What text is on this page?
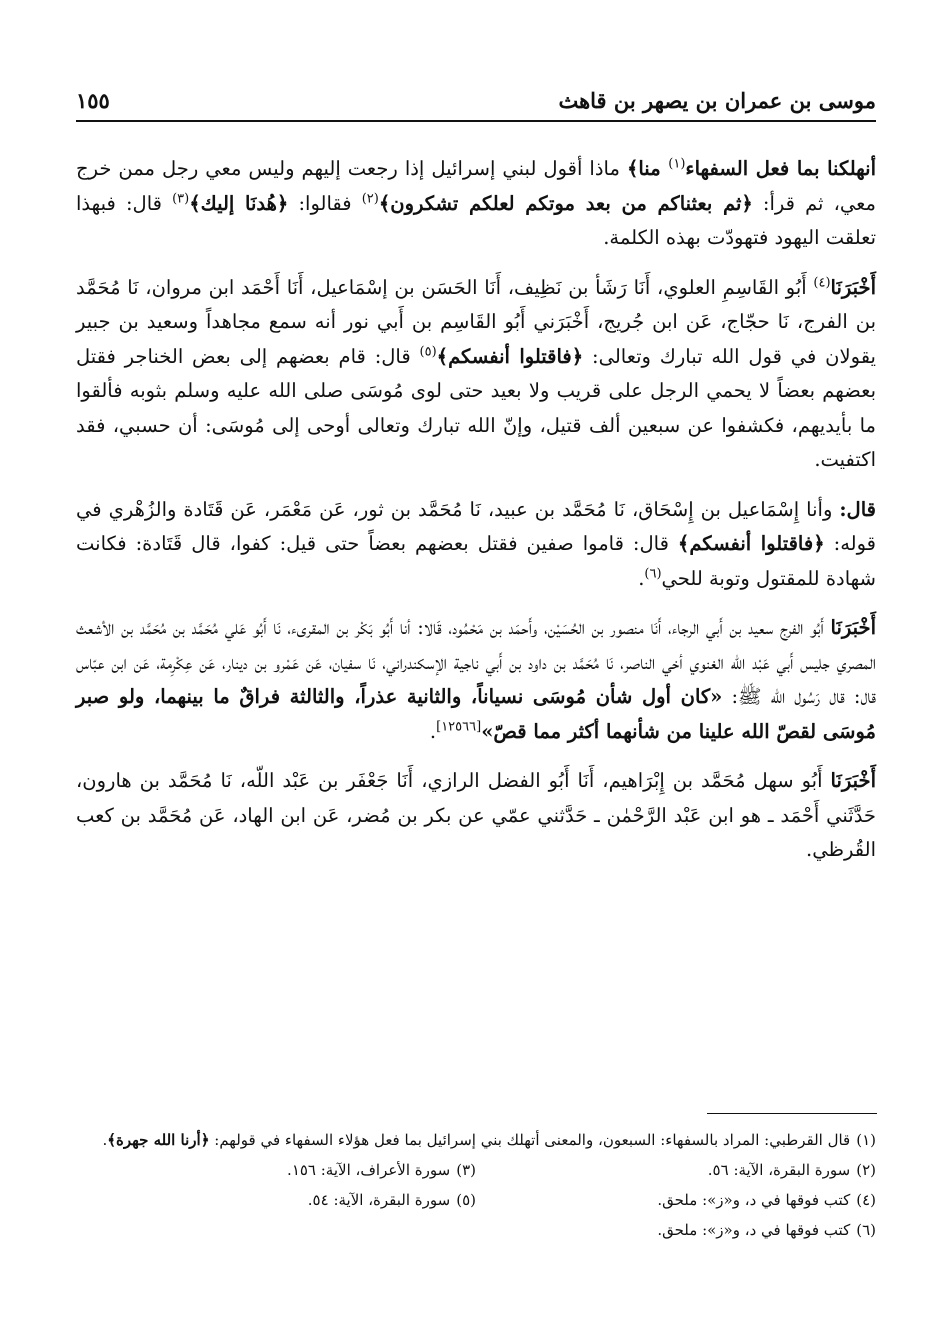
موسى بن عمران بن يصهر بن قاهث
١٥٥

أنهلكنا بما فعل السفهاء$^{(١)}$ منا﴾ ماذا أقول لبني إسرائيل إذا رجعت إليهم وليس معي رجل ممن خرج معي، ثم قرأ: ﴿ثم بعثناكم من بعد موتكم لعلكم تشكرون﴾$^{(٢)}$ فقالوا: ﴿هُدنَا إليك﴾$^{(٣)}$ قال: فبهذا تعلقت اليهود فتهودّت بهذه الكلمة.

أَخْبَرَنَا$^{(٤)}$ أَبُو القَاسِمِ العلوي، أَنَا رَشَأ بن نَظِيف، أَنَا الحَسَن بن إسْمَاعيل، أَنَا أَحْمَد ابن مروان، نَا مُحَمَّد بن الفرج، نَا حجّاج، عَن ابن جُريج، أَخْبَرَني أَبُو القَاسِم بن أَبي نور أنه سمع مجاهداً وسعيد بن جبير يقولان في قول الله تبارك وتعالى: ﴿فاقتلوا أنفسكم﴾$^{(٥)}$ قال: قام بعضهم إلى بعض الخناجر فقتل بعضهم بعضاً لا يحمي الرجل على قريب ولا بعيد حتى لوى مُوسَى صلى الله عليه وسلم بثوبه فألقوا ما بأيديهم، فكشفوا عن سبعين ألف قتيل، وإنّ الله تبارك وتعالى أوحى إلى مُوسَى: أن حسبي، فقد اكتفيت.

قال: وأنا إِسْمَاعيل بن إِسْحَاق، نَا مُحَمَّد بن عبيد، نَا مُحَمَّد بن ثور، عَن مَعْمَر، عَن قَتَادة والزُهْري في قوله: ﴿فاقتلوا أنفسكم﴾ قال: قاموا صفين فقتل بعضهم بعضاً حتى قيل: كفوا، قال قَتَادة: فكانت شهادة للمقتول وتوبة للحي$^{(٦)}$.

أَخْبَرَنَا أَبُو الفرج سعيد بن أَبي الرجاء، أَنَا منصور بن الحُسَيْن، وأَحمَد بن مَحْمُود، قَالا: أنا أَبُو بَكْر بن المقرىء، نَا أَبُو عَلي مُحَمَّد بن مُحَمَّد بن الأشعث المصري جليس أَبي عَبْد اللّه الغنوي أخي الناصر، نَا مُحَمَّد بن داود بن أَبي ناجية الإسكندراني، نَا سفيان، عَن عَمْرو بن دينار، عَن عِكْرِمة، عَن ابن عبّاس قال: قال رَسُول الله ﷺ: «كان أول شأن مُوسَى نسياناً، والثانية عذراً، والثالثة فراقٌ ما بينهما، ولو صبر مُوسَى لقصّ الله علينا من شأنهما أكثر مما قصّ»[١٢٥٦٦].

أَخْبَرَنَا أَبُو سهل مُحَمَّد بن إِبْرَاهيم، أَنَا أَبُو الفضل الرازي، أَنَا جَعْفَر بن عَبْد اللّه، نَا مُحَمَّد بن هارون، حَدَّثَني أَحْمَد ـ هو ابن عَبْد الرَّحْمٰن ـ حَدَّثني عمّي عن بكر بن مُضر، عَن ابن الهاد، عَن مُحَمَّد بن كعب القُرظي.

(١)قال القرطبي: المراد بالسفهاء: السبعون، والمعنى أتهلك بني إسرائيل بما فعل هؤلاء السفهاء في قولهم: ﴿أرنا الله جهرة﴾.
(٢)سورة البقرة، الآية: ٥٦.
(٣)سورة الأعراف، الآية: ١٥٦.
(٤)كتب فوقها في د، و«ز»: ملحق.
(٥)سورة البقرة، الآية: ٥٤.
(٦)كتب فوقها في د، و«ز»: ملحق.
